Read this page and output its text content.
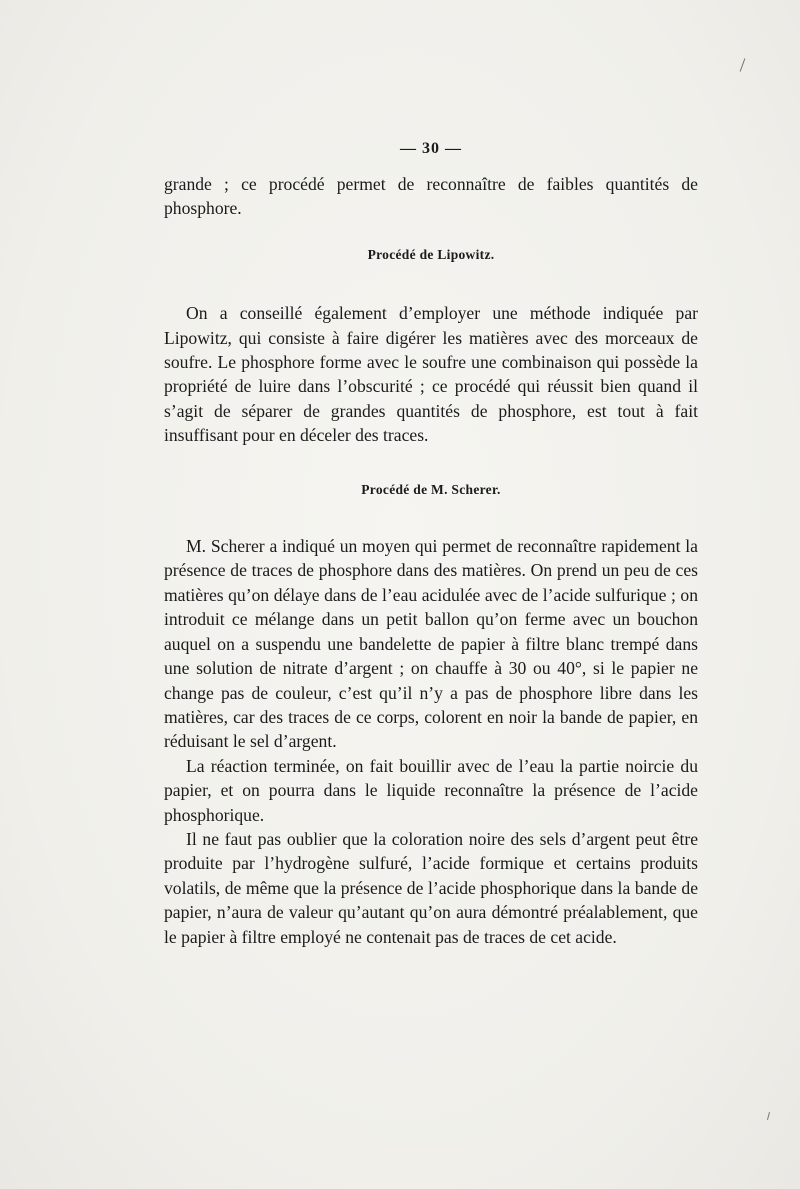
— 30 —

grande ; ce procédé permet de reconnaître de faibles quantités de phosphore.

Procédé de Lipowitz.

On a conseillé également d’employer une méthode indiquée par Lipowitz, qui consiste à faire digérer les matières avec des morceaux de soufre. Le phosphore forme avec le soufre une combinaison qui possède la propriété de luire dans l’obscurité ; ce procédé qui réussit bien quand il s’agit de séparer de grandes quantités de phosphore, est tout à fait insuffisant pour en déceler des traces.

Procédé de M. Scherer.

M. Scherer a indiqué un moyen qui permet de reconnaître rapidement la présence de traces de phosphore dans des matières. On prend un peu de ces matières qu’on délaye dans de l’eau acidulée avec de l’acide sulfurique ; on introduit ce mélange dans un petit ballon qu’on ferme avec un bouchon auquel on a suspendu une bandelette de papier à filtre blanc trempé dans une solution de nitrate d’argent ; on chauffe à 30 ou 40°, si le papier ne change pas de couleur, c’est qu’il n’y a pas de phosphore libre dans les matières, car des traces de ce corps, colorent en noir la bande de papier, en réduisant le sel d’argent.

La réaction terminée, on fait bouillir avec de l’eau la partie noircie du papier, et on pourra dans le liquide reconnaître la présence de l’acide phosphorique.

Il ne faut pas oublier que la coloration noire des sels d’argent peut être produite par l’hydrogène sulfuré, l’acide formique et certains produits volatils, de même que la présence de l’acide phosphorique dans la bande de papier, n’aura de valeur qu’autant qu’on aura démontré préalablement, que le papier à filtre employé ne contenait pas de traces de cet acide.
